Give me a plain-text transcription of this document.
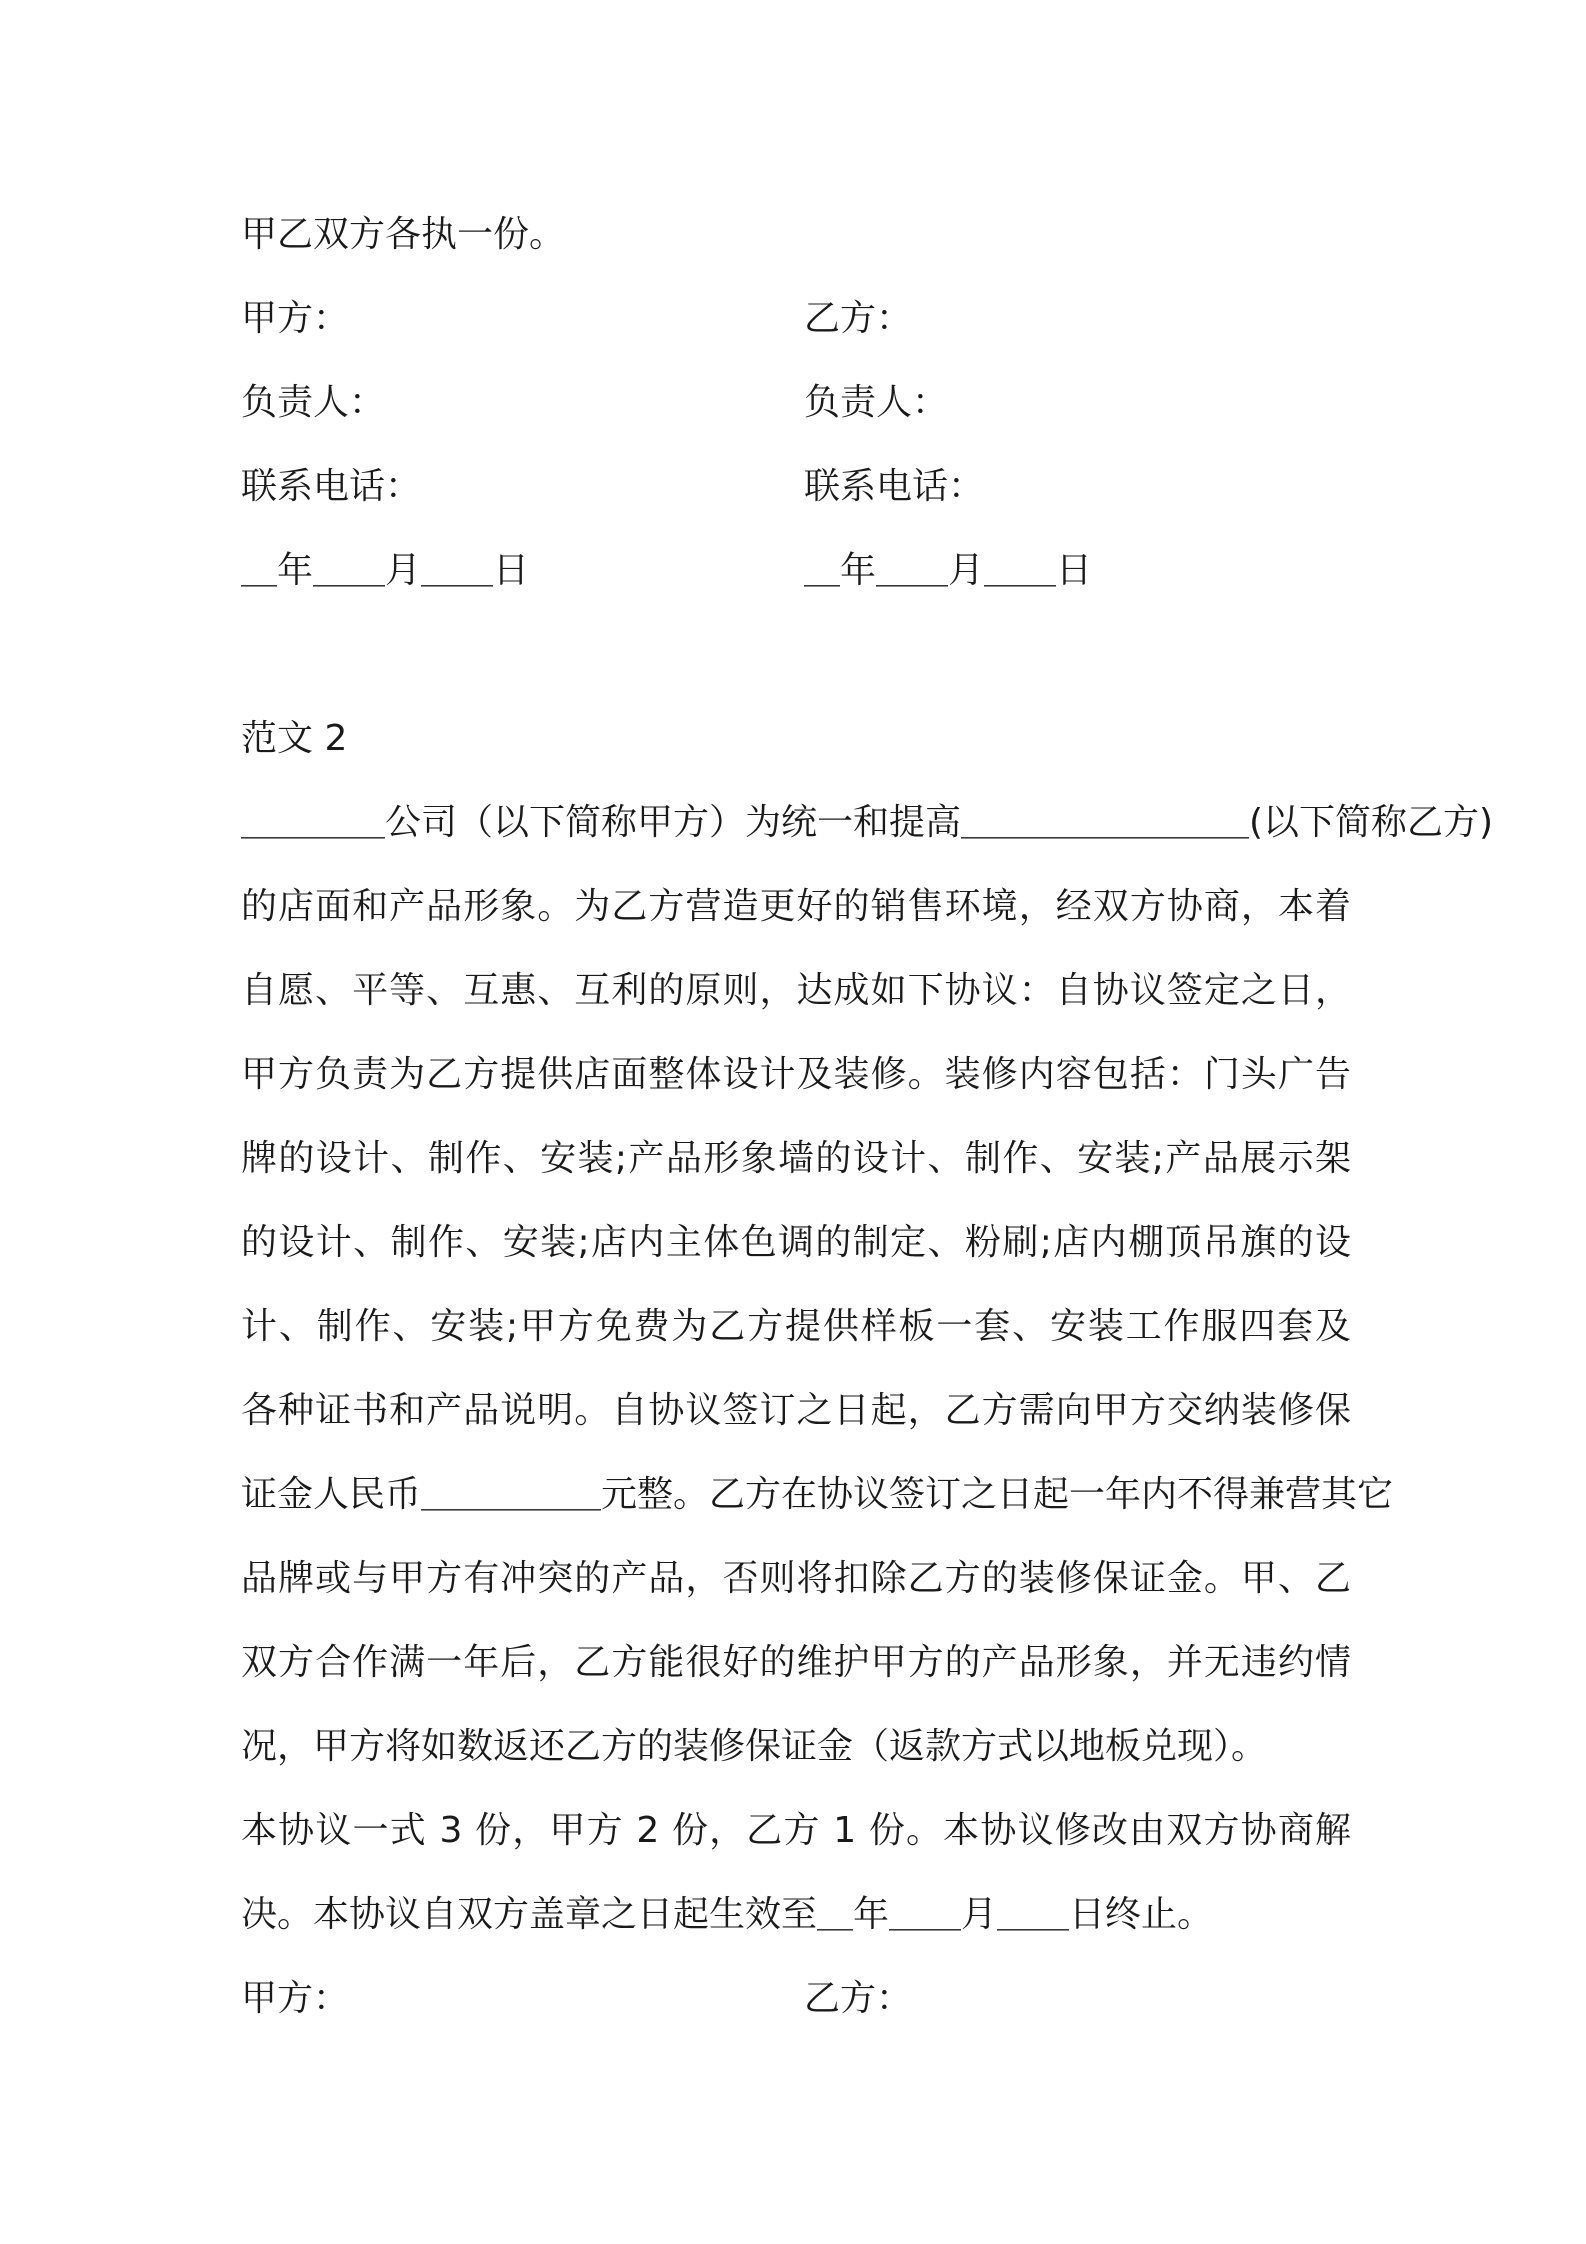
甲乙双方各执一份。
甲方：	乙方：
负责人：	负责人：
联系电话：	联系电话：
＿年＿＿月＿＿日	＿年＿＿月＿＿日
范文 2
＿＿＿＿公司（以下简称甲方）为统一和提高＿＿＿＿＿＿＿＿(以下简称乙方)
的店面和产品形象。为乙方营造更好的销售环境，经双方协商，本着
自愿、平等、互惠、互利的原则，达成如下协议：自协议签定之日，
甲方负责为乙方提供店面整体设计及装修。装修内容包括：门头广告
牌的设计、制作、安装;产品形象墙的设计、制作、安装;产品展示架
的设计、制作、安装;店内主体色调的制定、粉刷;店内棚顶吊旗的设
计、制作、安装;甲方免费为乙方提供样板一套、安装工作服四套及
各种证书和产品说明。自协议签订之日起，乙方需向甲方交纳装修保
证金人民币＿＿＿＿＿元整。乙方在协议签订之日起一年内不得兼营其它
品牌或与甲方有冲突的产品，否则将扣除乙方的装修保证金。甲、乙
双方合作满一年后，乙方能很好的维护甲方的产品形象，并无违约情
况，甲方将如数返还乙方的装修保证金（返款方式以地板兑现）。
本协议一式 3 份，甲方 2 份，乙方 1 份。本协议修改由双方协商解
决。本协议自双方盖章之日起生效至＿年＿＿月＿＿日终止。
甲方：	乙方：
